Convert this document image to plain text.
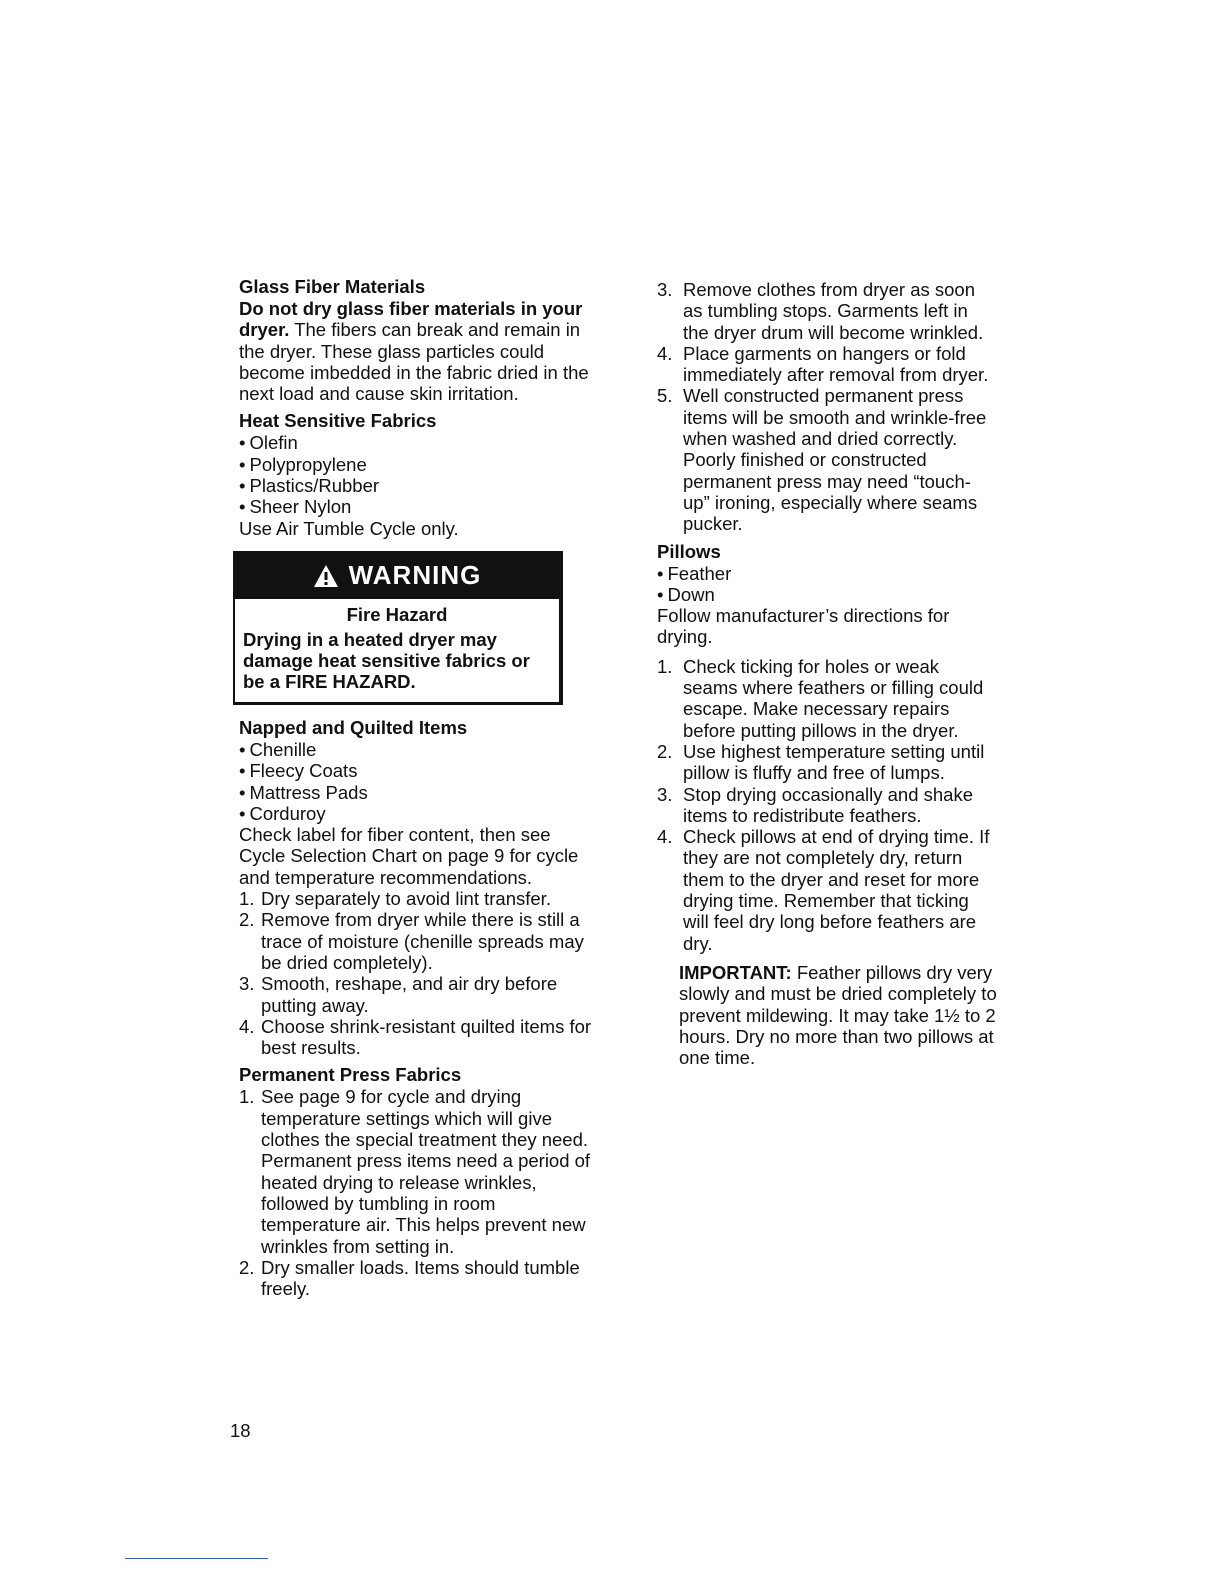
Glass Fiber Materials

Do not dry glass fiber materials in your dryer. The fibers can break and remain in the dryer. These glass particles could become imbedded in the fabric dried in the next load and cause skin irritation.

Heat Sensitive Fabrics
• Olefin
• Polypropylene
• Plastics/Rubber
• Sheer Nylon

Use Air Tumble Cycle only.

WARNING
Fire Hazard
Drying in a heated dryer may damage heat sensitive fabrics or be a FIRE HAZARD.
Napped and Quilted Items
• Chenille
• Fleecy Coats
• Mattress Pads
• Corduroy

Check label for fiber content, then see Cycle Selection Chart on page 9 for cycle and temperature recommendations.

1. Dry separately to avoid lint transfer.
2. Remove from dryer while there is still a trace of moisture (chenille spreads may be dried completely).
3. Smooth, reshape, and air dry before putting away.
4. Choose shrink-resistant quilted items for best results.
Permanent Press Fabrics
1. See page 9 for cycle and drying temperature settings which will give clothes the special treatment they need. Permanent press items need a period of heated drying to release wrinkles, followed by tumbling in room temperature air. This helps prevent new wrinkles from setting in.
2. Dry smaller loads. Items should tumble freely.
3. Remove clothes from dryer as soon as tumbling stops. Garments left in the dryer drum will become wrinkled.
4. Place garments on hangers or fold immediately after removal from dryer.
5. Well constructed permanent press items will be smooth and wrinkle-free when washed and dried correctly. Poorly finished or constructed permanent press may need “touch-up” ironing, especially where seams pucker.
Pillows
• Feather
• Down

Follow manufacturer’s directions for drying.

1. Check ticking for holes or weak seams where feathers or filling could escape. Make necessary repairs before putting pillows in the dryer.
2. Use highest temperature setting until pillow is fluffy and free of lumps.
3. Stop drying occasionally and shake items to redistribute feathers.
4. Check pillows at end of drying time. If they are not completely dry, return them to the dryer and reset for more drying time. Remember that ticking will feel dry long before feathers are dry.

IMPORTANT: Feather pillows dry very slowly and must be dried completely to prevent mildewing. It may take 1½ to 2 hours. Dry no more than two pillows at one time.

18
